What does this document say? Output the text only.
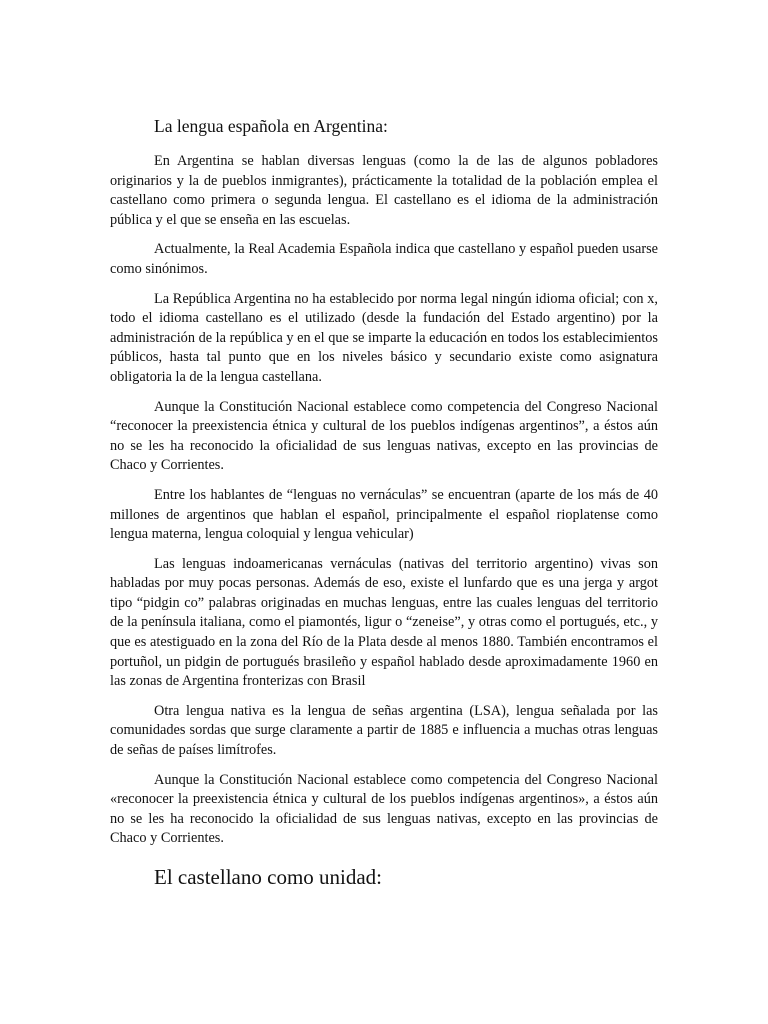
La lengua española en Argentina:

En Argentina se hablan diversas lenguas (como la de las de algunos pobladores originarios y la de pueblos inmigrantes), prácticamente la totalidad de la población emplea el castellano como primera o segunda lengua. El castellano es el idioma de la administración pública y el que se enseña en las escuelas.

Actualmente, la Real Academia Española indica que castellano y español pueden usarse como sinónimos.

La República Argentina no ha establecido por norma legal ningún idioma oficial; con x, todo el idioma castellano es el utilizado (desde la fundación del Estado argentino) por la administración de la república y en el que se imparte la educación en todos los establecimientos públicos, hasta tal punto que en los niveles básico y secundario existe como asignatura obligatoria la de la lengua castellana.

Aunque la Constitución Nacional establece como competencia del Congreso Nacional “reconocer la preexistencia étnica y cultural de los pueblos indígenas argentinos”, a éstos aún no se les ha reconocido la oficialidad de sus lenguas nativas, excepto en las provincias de Chaco y Corrientes.

Entre los hablantes de “lenguas no vernáculas” se encuentran (aparte de los más de 40 millones de argentinos que hablan el español, principalmente el español rioplatense como lengua materna, lengua coloquial y lengua vehicular)

Las lenguas indoamericanas vernáculas (nativas del territorio argentino) vivas son habladas por muy pocas personas. Además de eso, existe el lunfardo que es una jerga y argot tipo “pidgin co” palabras originadas en muchas lenguas, entre las cuales lenguas del territorio de la península italiana, como el piamontés, ligur o “zeneise”, y otras como el portugués, etc., y que es atestiguado en la zona del Río de la Plata desde al menos 1880. También encontramos el portuñol, un pidgin de portugués brasileño y español hablado desde aproximadamente 1960 en las zonas de Argentina fronterizas con Brasil

Otra lengua nativa es la lengua de señas argentina (LSA), lengua señalada por las comunidades sordas que surge claramente a partir de 1885 e influencia a muchas otras lenguas de señas de países limítrofes.

Aunque la Constitución Nacional establece como competencia del Congreso Nacional «reconocer la preexistencia étnica y cultural de los pueblos indígenas argentinos», a éstos aún no se les ha reconocido la oficialidad de sus lenguas nativas, excepto en las provincias de Chaco y Corrientes.

El castellano como unidad:
